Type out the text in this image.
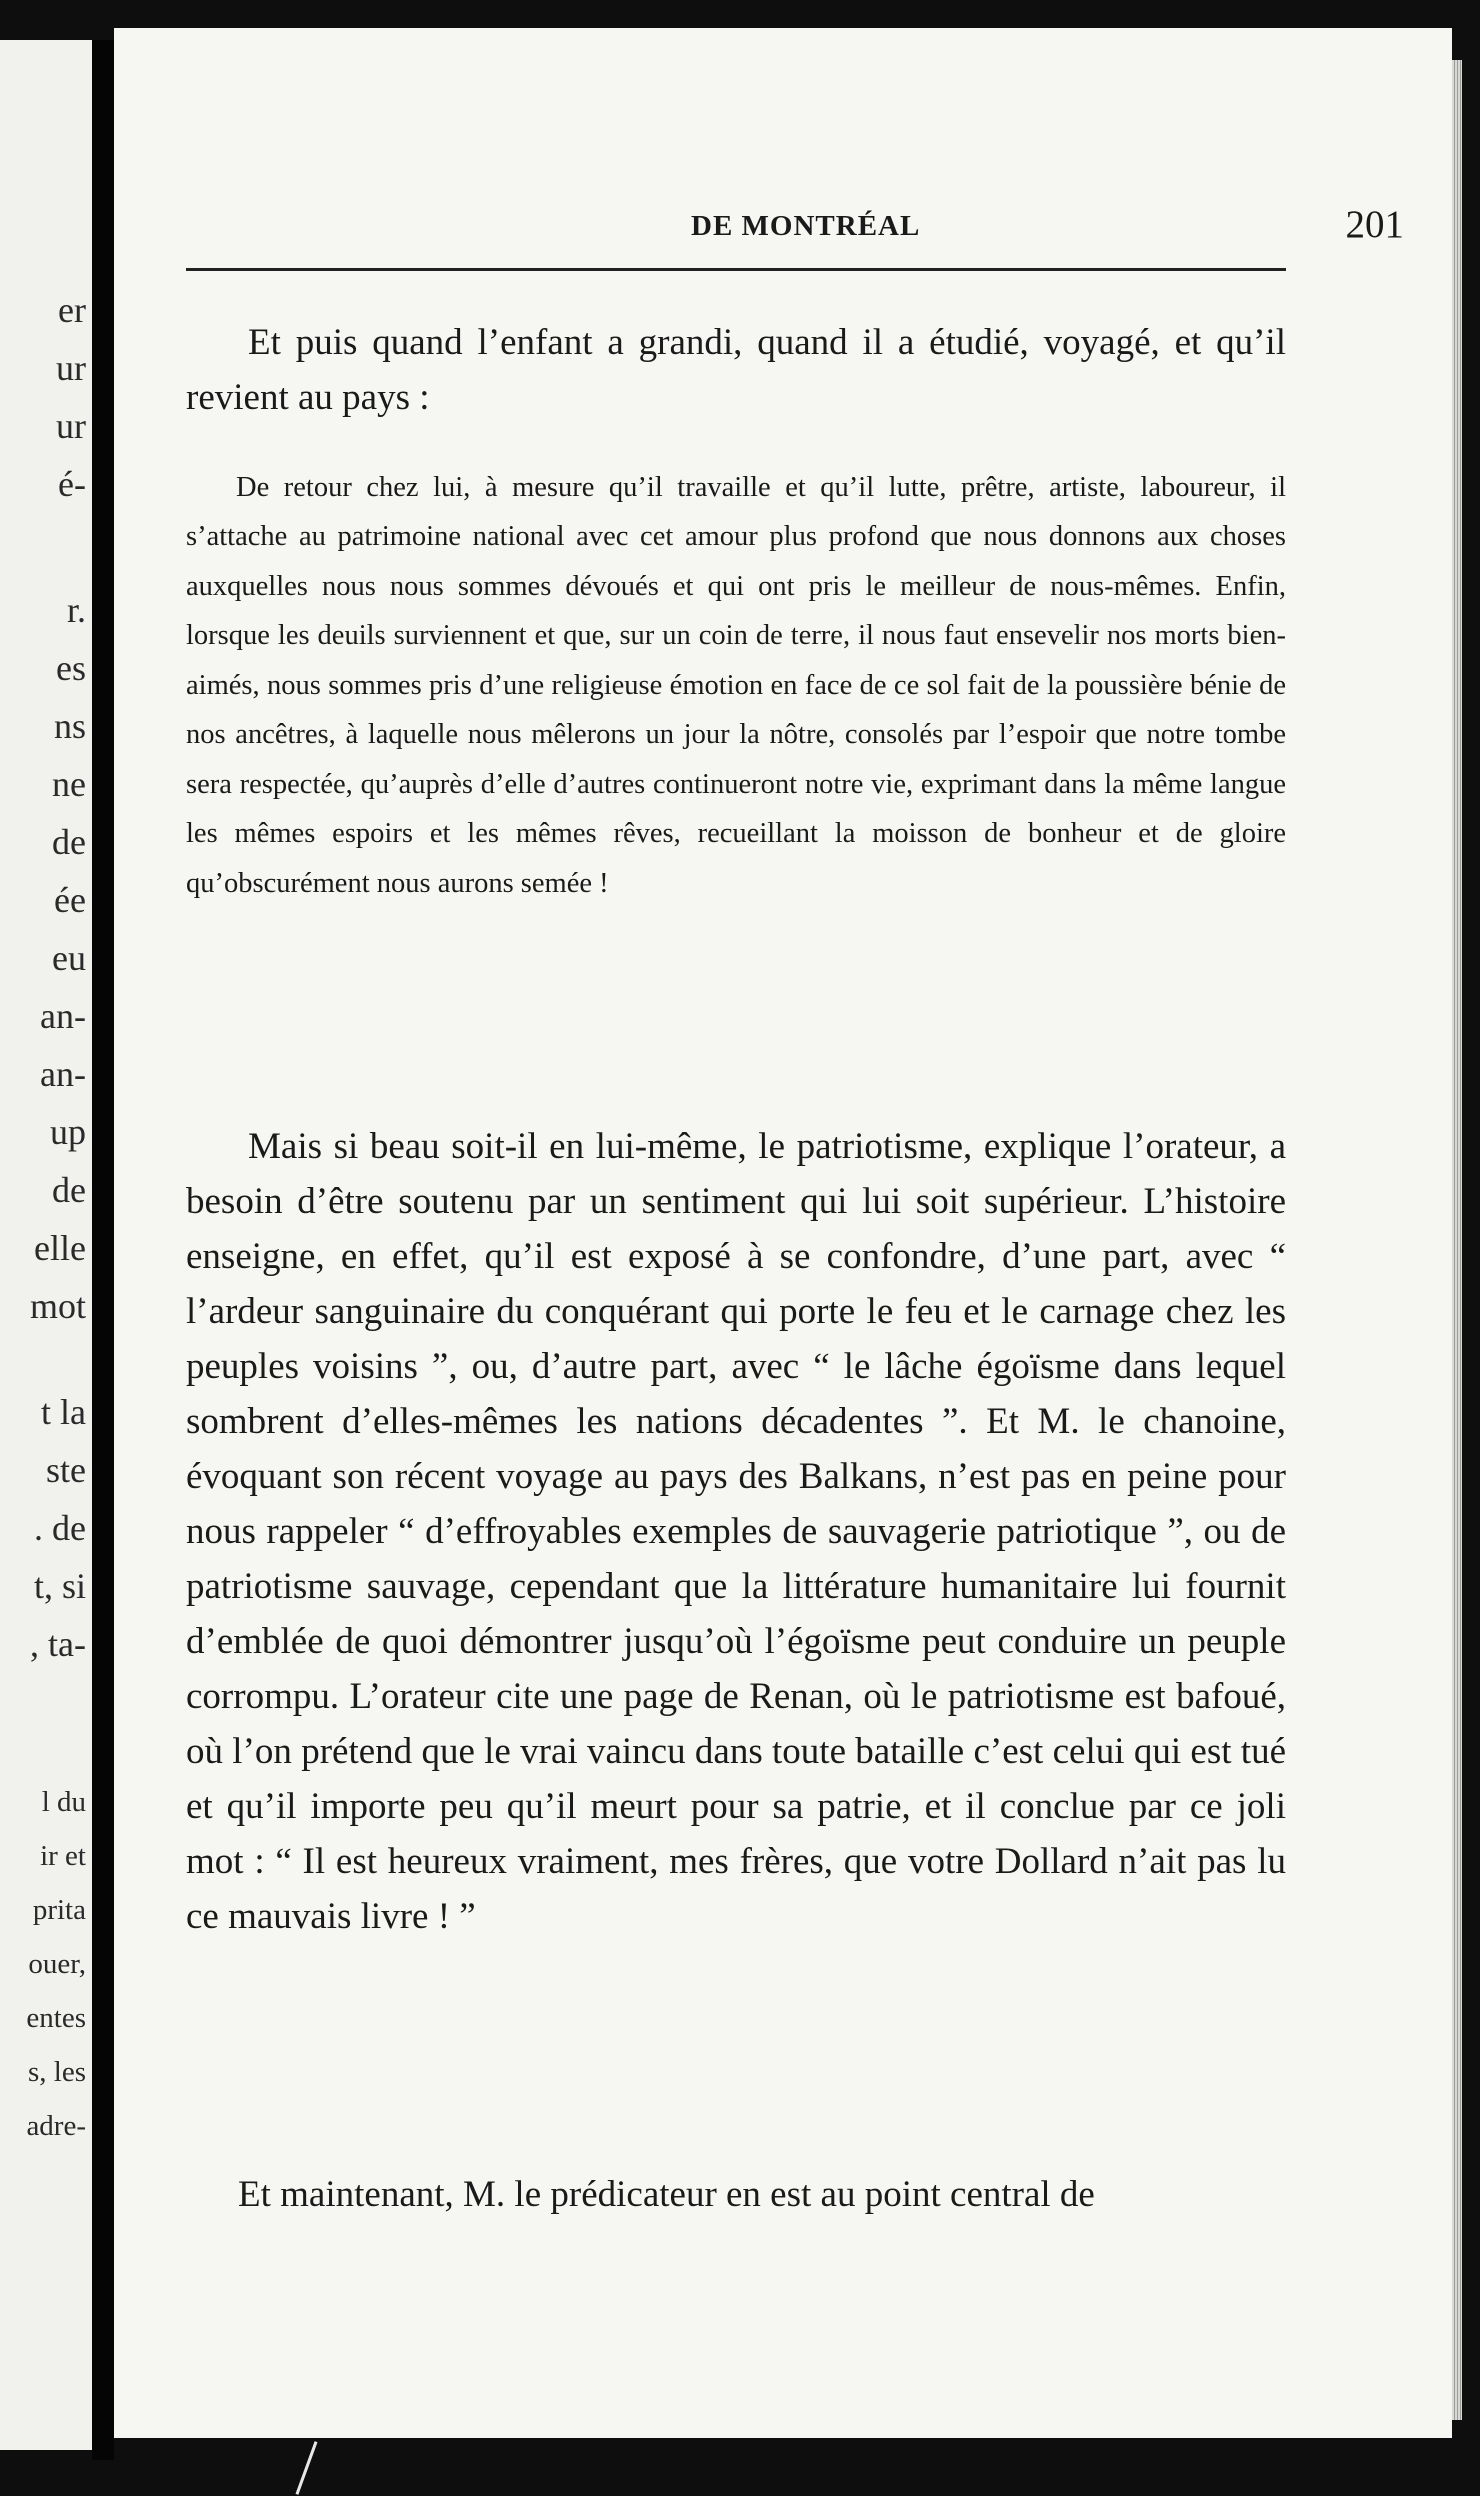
er
ur
ur
é-
r.
es
ns
ne
de
ée
eu
an-
an-
up
de
elle
mot
t la
ste
. de
t, si
, ta-
l du
ir et
prita
ouer,
entes
s, les
adre-
DE MONTRÉAL	201

Et puis quand l’enfant a grandi, quand il a étudié, voyagé, et qu’il revient au pays :

De retour chez lui, à mesure qu’il travaille et qu’il lutte, prêtre, artiste, laboureur, il s’attache au patrimoine national avec cet amour plus profond que nous donnons aux choses auxquelles nous nous sommes dévoués et qui ont pris le meilleur de nous-mêmes. Enfin, lorsque les deuils surviennent et que, sur un coin de terre, il nous faut ensevelir nos morts bien-aimés, nous sommes pris d’une religieuse émotion en face de ce sol fait de la poussière bénie de nos ancêtres, à laquelle nous mêlerons un jour la nôtre, consolés par l’espoir que notre tombe sera respectée, qu’auprès d’elle d’autres continueront notre vie, exprimant dans la même langue les mêmes espoirs et les mêmes rêves, recueillant la moisson de bonheur et de gloire qu’obscurément nous aurons semée !

Mais si beau soit-il en lui-même, le patriotisme, explique l’orateur, a besoin d’être soutenu par un sentiment qui lui soit supérieur. L’histoire enseigne, en effet, qu’il est exposé à se confondre, d’une part, avec “ l’ardeur sanguinaire du conquérant qui porte le feu et le carnage chez les peuples voisins ”, ou, d’autre part, avec “ le lâche égoïsme dans lequel sombrent d’elles-mêmes les nations décadentes ”. Et M. le chanoine, évoquant son récent voyage au pays des Balkans, n’est pas en peine pour nous rappeler “ d’effroyables exemples de sauvagerie patriotique ”, ou de patriotisme sauvage, cependant que la littérature humanitaire lui fournit d’emblée de quoi démontrer jusqu’où l’égoïsme peut conduire un peuple corrompu. L’orateur cite une page de Renan, où le patriotisme est bafoué, où l’on prétend que le vrai vaincu dans toute bataille c’est celui qui est tué et qu’il importe peu qu’il meurt pour sa patrie, et il conclue par ce joli mot : “ Il est heureux vraiment, mes frères, que votre Dollard n’ait pas lu ce mauvais livre ! ”

Et maintenant, M. le prédicateur en est au point central de
